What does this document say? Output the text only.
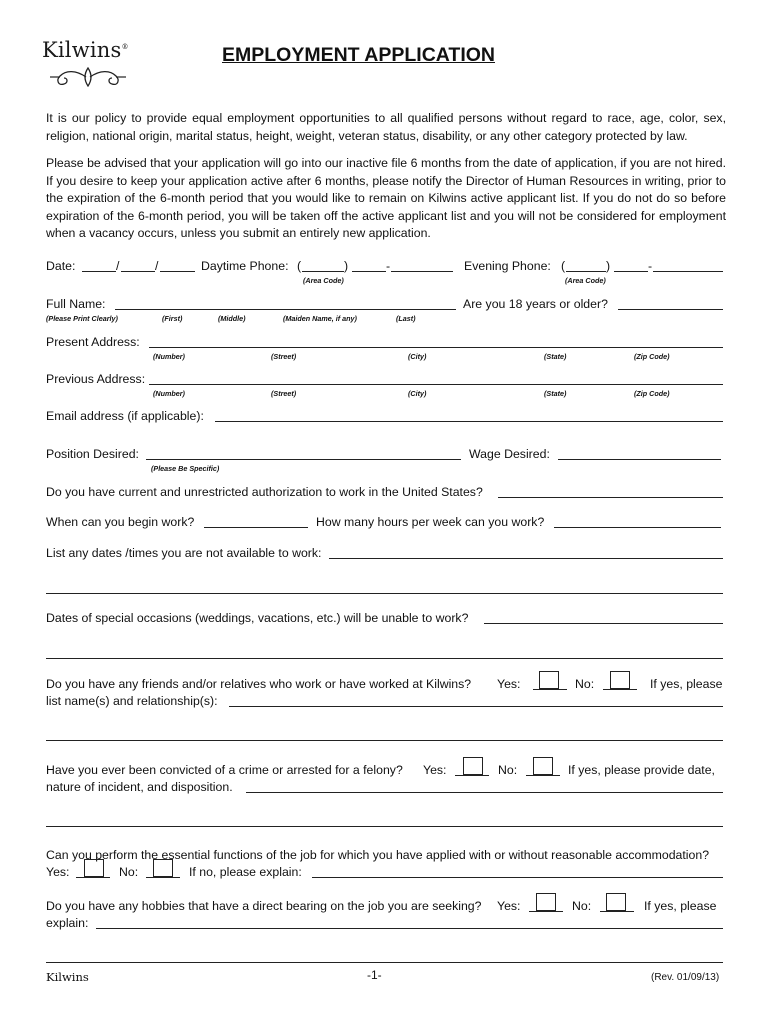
Kilwins®	EMPLOYMENT APPLICATION
It is our policy to provide equal employment opportunities to all qualified persons without regard to race, age, color, sex, religion, national origin, marital status, height, weight, veteran status, disability, or any other category protected by law.
Please be advised that your application will go into our inactive file 6 months from the date of application, if you are not hired. If you desire to keep your application active after 6 months, please notify the Director of Human Resources in writing, prior to the expiration of the 6-month period that you would like to remain on Kilwins active applicant list. If you do not do so before expiration of the 6-month period, you will be taken off the active applicant list and you will not be considered for employment when a vacancy occurs, unless you submit an entirely new application.
Date:	/	/	Daytime Phone: (	)	-
(Area Code)
Evening Phone: (	)	-
(Area Code)
Full Name:	Are you 18 years or older?
(Please Print Clearly)	(First)	(Middle)	(Maiden Name, if any)	(Last)
Present Address:
(Number)	(Street)	(City)	(State)	(Zip Code)
Previous Address:
(Number)	(Street)	(City)	(State)	(Zip Code)
Email address (if applicable):
Position Desired:
(Please Be Specific)
Wage Desired:
Do you have current and unrestricted authorization to work in the United States?
When can you begin work?	How many hours per week can you work?
List any dates /times you are not available to work:
Dates of special occasions (weddings, vacations, etc.) will be unable to work?
Do you have any friends and/or relatives who work or have worked at Kilwins? Yes:	No:	If yes, please
list name(s) and relationship(s):
Have you ever been convicted of a crime or arrested for a felony? Yes:	No:	If yes, please provide date,
nature of incident, and disposition.
Can you perform the essential functions of the job for which you have applied with or without reasonable accommodation?
Yes:	No:	If no, please explain:
Do you have any hobbies that have a direct bearing on the job you are seeking? Yes:	No:	If yes, please
explain:
Kilwins	-1-	(Rev. 01/09/13)
